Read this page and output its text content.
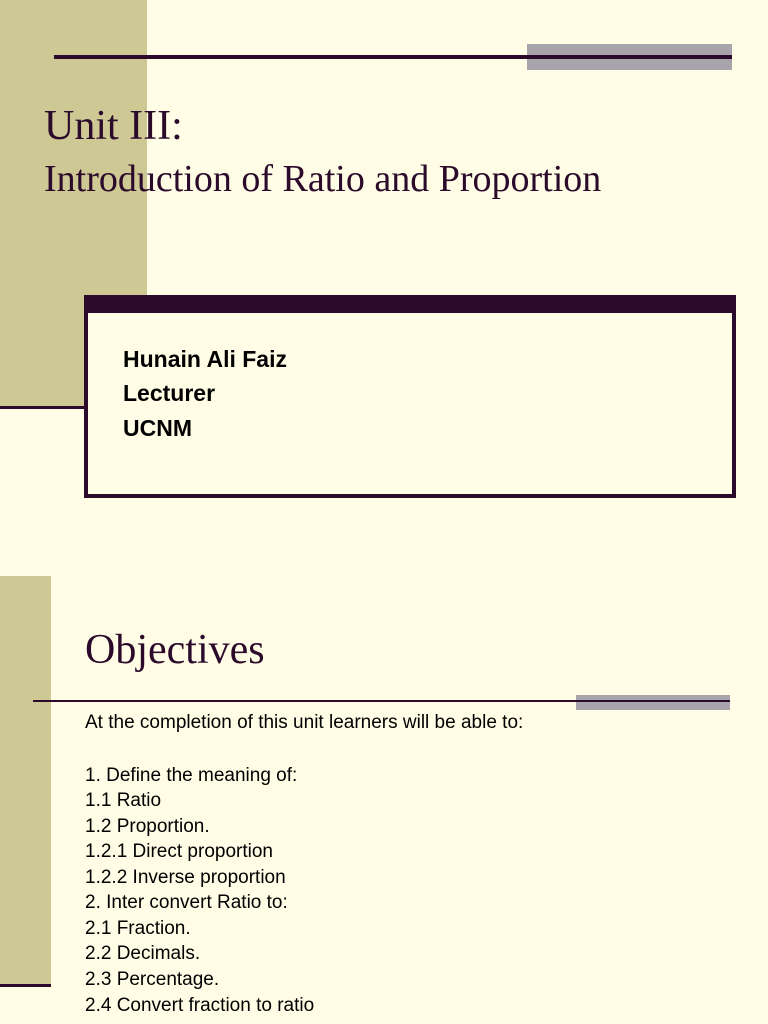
Unit III:
Introduction of Ratio and Proportion
Hunain Ali Faiz
Lecturer
UCNM
Objectives
At the completion of this unit learners will be able to:
1. Define the meaning of:
1.1 Ratio
1.2 Proportion.
1.2.1 Direct proportion
1.2.2 Inverse proportion
2. Inter convert Ratio to:
2.1 Fraction.
2.2 Decimals.
2.3 Percentage.
2.4 Convert fraction to ratio
